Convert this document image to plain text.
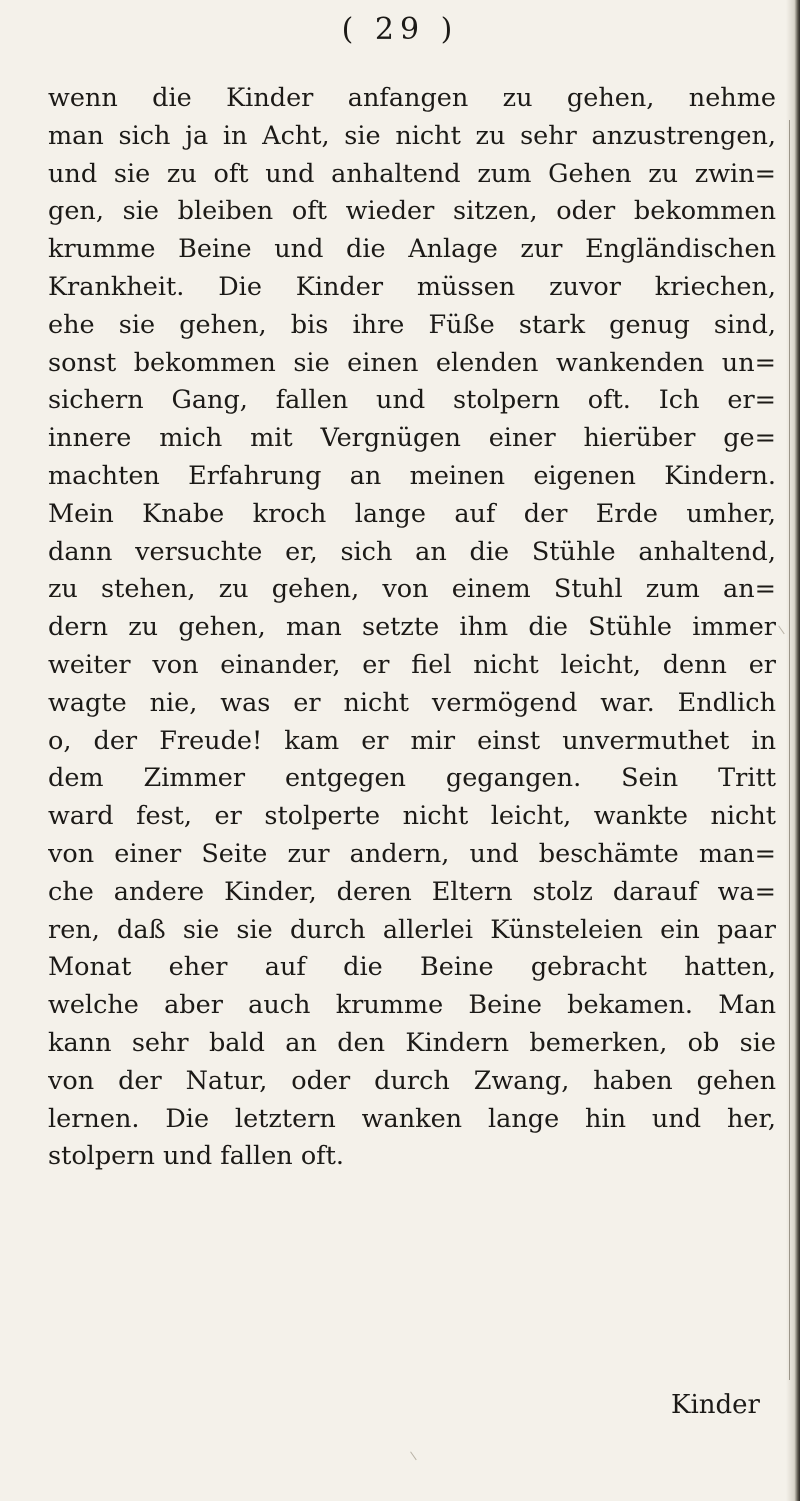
( 29 )
wenn die Kinder anfangen zu gehen, nehme
man sich ja in Acht, sie nicht zu sehr anzustrengen,
und sie zu oft und anhaltend zum Gehen zu zwin=
gen, sie bleiben oft wieder sitzen, oder bekommen
krumme Beine und die Anlage zur Engländischen
Krankheit. Die Kinder müssen zuvor kriechen,
ehe sie gehen, bis ihre Füße stark genug sind,
sonst bekommen sie einen elenden wankenden un=
sichern Gang, fallen und stolpern oft. Ich er=
innere mich mit Vergnügen einer hierüber ge=
machten Erfahrung an meinen eigenen Kindern.
Mein Knabe kroch lange auf der Erde umher,
dann versuchte er, sich an die Stühle anhaltend,
zu stehen, zu gehen, von einem Stuhl zum an=
dern zu gehen, man setzte ihm die Stühle immer
weiter von einander, er fiel nicht leicht, denn er
wagte nie, was er nicht vermögend war. Endlich
o, der Freude! kam er mir einst unvermuthet in
dem Zimmer entgegen gegangen. Sein Tritt
ward fest, er stolperte nicht leicht, wankte nicht
von einer Seite zur andern, und beschämte man=
che andere Kinder, deren Eltern stolz darauf wa=
ren, daß sie sie durch allerlei Künsteleien ein paar
Monat eher auf die Beine gebracht hatten,
welche aber auch krumme Beine bekamen. Man
kann sehr bald an den Kindern bemerken, ob sie
von der Natur, oder durch Zwang, haben gehen
lernen. Die letztern wanken lange hin und her,
stolpern und fallen oft.
Kinder
